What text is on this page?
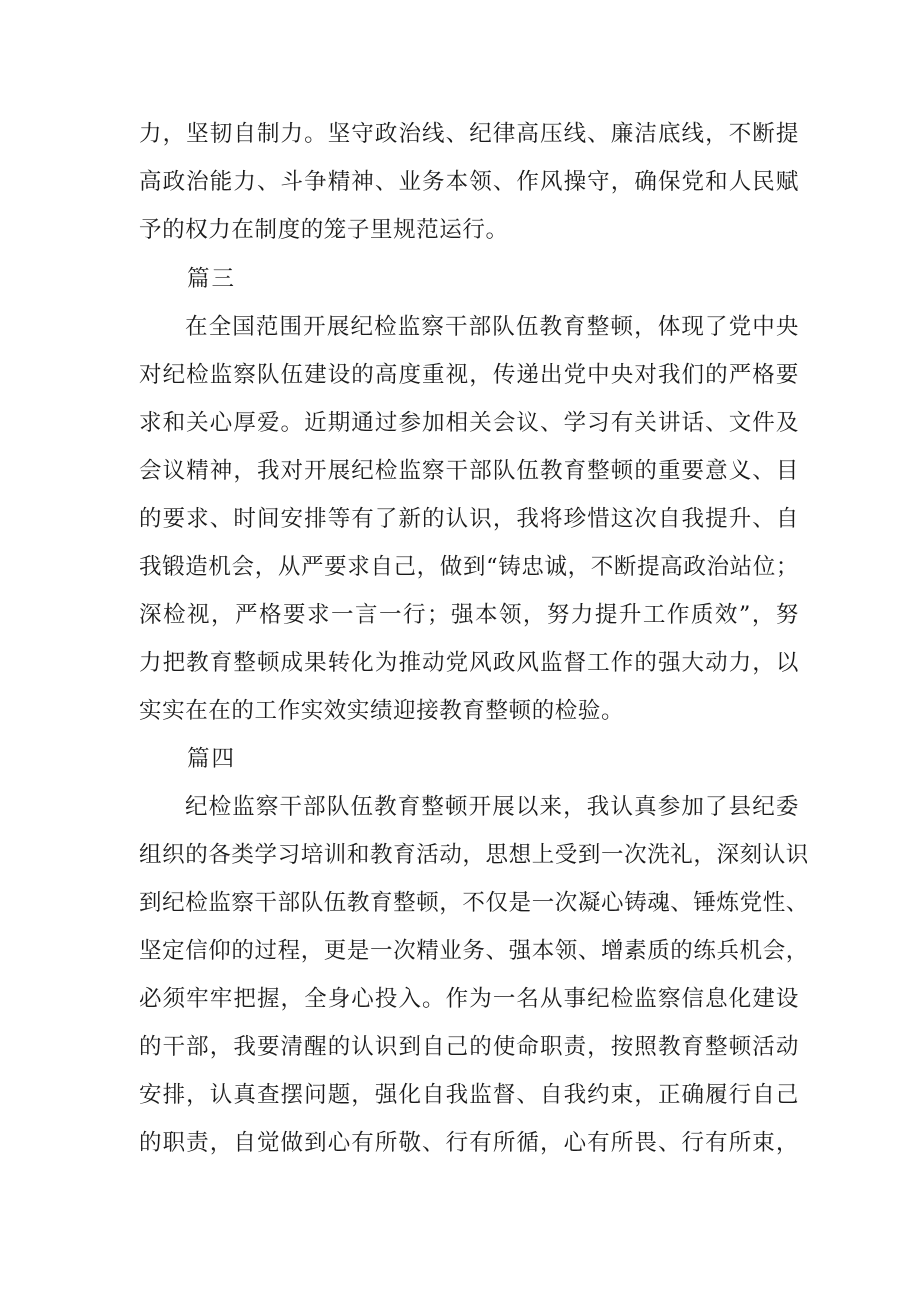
力，坚韧自制力。坚守政治线、纪律高压线、廉洁底线，不断提
高政治能力、斗争精神、业务本领、作风操守，确保党和人民赋
予的权力在制度的笼子里规范运行。
篇三
在全国范围开展纪检监察干部队伍教育整顿，体现了党中央
对纪检监察队伍建设的高度重视，传递出党中央对我们的严格要
求和关心厚爱。近期通过参加相关会议、学习有关讲话、文件及
会议精神，我对开展纪检监察干部队伍教育整顿的重要意义、目
的要求、时间安排等有了新的认识，我将珍惜这次自我提升、自
我锻造机会，从严要求自己，做到“铸忠诚，不断提高政治站位；
深检视，严格要求一言一行；强本领，努力提升工作质效”，努
力把教育整顿成果转化为推动党风政风监督工作的强大动力，以
实实在在的工作实效实绩迎接教育整顿的检验。
篇四
纪检监察干部队伍教育整顿开展以来，我认真参加了县纪委
组织的各类学习培训和教育活动，思想上受到一次洗礼，深刻认识
到纪检监察干部队伍教育整顿，不仅是一次凝心铸魂、锤炼党性、
坚定信仰的过程，更是一次精业务、强本领、增素质的练兵机会，
必须牢牢把握，全身心投入。作为一名从事纪检监察信息化建设
的干部，我要清醒的认识到自己的使命职责，按照教育整顿活动
安排，认真查摆问题，强化自我监督、自我约束，正确履行自己
的职责，自觉做到心有所敬、行有所循，心有所畏、行有所束，
